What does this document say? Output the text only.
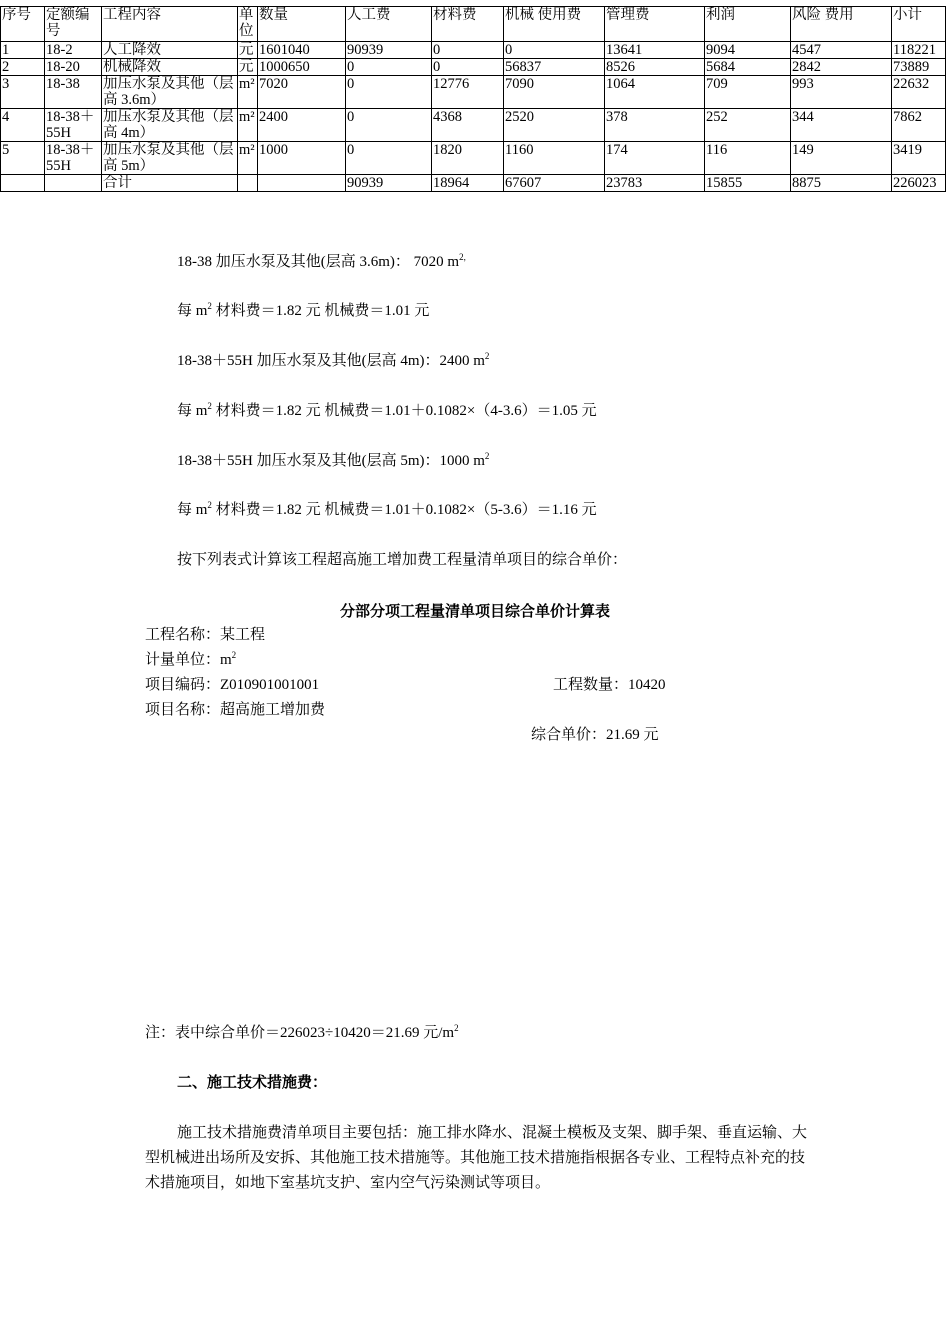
序号	定额编号	工程内容	单位	数量	人工费	材料费	机械 使用费	管理费	利润	风险 费用	小计
1	18-2	人工降效	元	1601040	90939	0	0	13641	9094	4547	118221
2	18-20	机械降效	元	1000650	0	0	56837	8526	5684	2842	73889
3	18-38	加压水泵及其他（层高 3.6m）	m²	7020	0	12776	7090	1064	709	993	22632
4	18-38＋55H	加压水泵及其他（层高 4m）	m²	2400	0	4368	2520	378	252	344	7862
5	18-38＋55H	加压水泵及其他（层高 5m）	m²	1000	0	1820	1160	174	116	149	3419
		合计			90939	18964	67607	23783	15855	8875	226023
18-38 加压水泵及其他(层高 3.6m)： 7020 $m^{2,}$
每 $m^2$ 材料费＝1.82 元 机械费＝1.01 元
18-38＋55H 加压水泵及其他(层高 4m)：2400 $m^2$
每 $m^2$ 材料费＝1.82 元 机械费＝1.01＋0.1082×（4-3.6）＝1.05 元
18-38＋55H 加压水泵及其他(层高 5m)：1000 $m^2$
每 $m^2$ 材料费＝1.82 元 机械费＝1.01＋0.1082×（5-3.6）＝1.16 元
按下列表式计算该工程超高施工增加费工程量清单项目的综合单价：
分部分项工程量清单项目综合单价计算表
工程名称：某工程
计量单位：$m^2$
项目编码：Z010901001001	工程数量：10420
项目名称：超高施工增加费
综合单价：21.69 元
注：表中综合单价＝226023÷10420＝21.69 元$/m^2$
二、施工技术措施费：
施工技术措施费清单项目主要包括：施工排水降水、混凝土模板及支架、脚手架、垂直运输、大型机械进出场所及安拆、其他施工技术措施等。其他施工技术措施指根据各专业、工程特点补充的技术措施项目，如地下室基坑支护、室内空气污染测试等项目。
